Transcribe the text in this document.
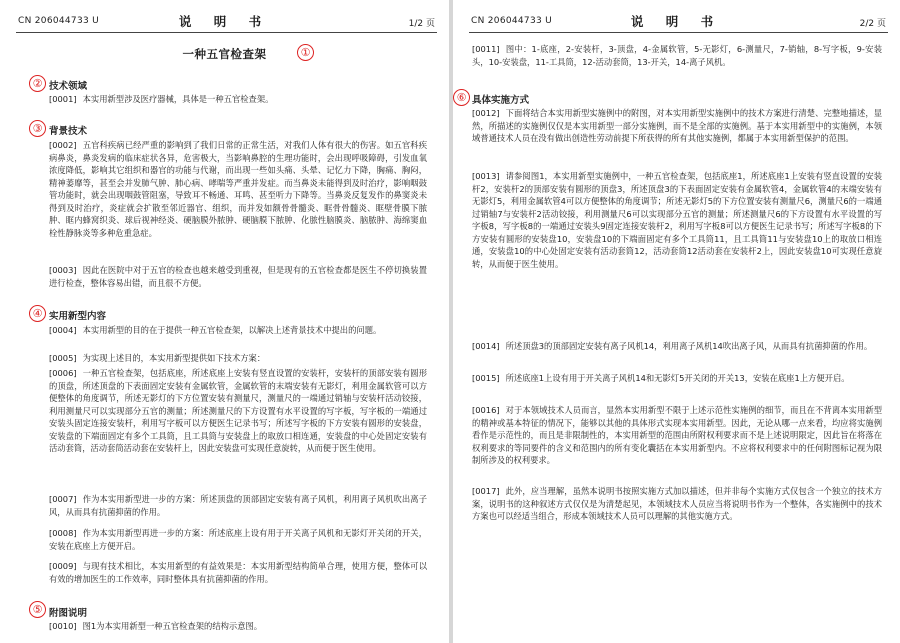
CN 206044733 U	说 明 书	1/2 页
一种五官检查架	①
② 技术领域
[0001] 本实用新型涉及医疗器械，具体是一种五官检查架。
③ 背景技术
[0002] 五官科疾病已经严重的影响到了我们日常的正常生活，对我们人体有很大的伤害。如五官科疾病鼻炎，鼻炎发病的临床症状各异，危害极大，当影响鼻腔的生理功能时，会出现呼吸障碍，引发血氧浓度降低，影响其它组织和器官的功能与代谢，而出现一些如头痛、头晕、记忆力下降，胸痛、胸闷，精神萎靡等，甚至会并发肺气肿、肺心病、哮喘等严重并发症。而当鼻炎未能得到及时治疗，影响咽鼓管功能时，就会出现咽鼓管阻塞，导致耳不畅通、耳鸣、甚至听力下降等。当鼻炎反复发作的鼻窦炎未得到及时治疗，炎症就会扩散至邻近器官、组织，而并发如额骨骨髓炎、眶骨骨髓炎、眶壁骨膜下脓肿、眶内蜂窝织炎、球后视神经炎、硬脑膜外脓肿、硬脑膜下脓肿、化脓性脑膜炎、脑脓肿、海绵窦血栓性静脉炎等多种危重急症。
[0003] 因此在医院中对于五官的检查也越来越受到重视，但是现有的五官检查都是医生不停切换装置进行检查，整体容易出错，而且很不方便。
④ 实用新型内容
[0004] 本实用新型的目的在于提供一种五官检查架，以解决上述背景技术中提出的问题。
[0005] 为实现上述目的，本实用新型提供如下技术方案：
[0006] 一种五官检查架，包括底座，所述底座上安装有竖直设置的安装杆，安装杆的顶部安装有圆形的顶盘，所述顶盘的下表面固定安装有金属软管，金属软管的末端安装有无影灯，利用金属软管可以方便整体的角度调节，所述无影灯的下方位置安装有测量尺，测量尺的一端通过销轴与安装杆活动铰接，利用测量尺可以实现部分五官的测量；所述测量尺的下方设置有水平设置的写字板，写字板的一端通过安装头固定连接安装杆，利用写字板可以方便医生记录书写；所述写字板的下方安装有圆形的安装盘，安装盘的下端面固定有多个工具筒，且工具筒与安装盘上的取放口相连通，安装盘的中心处固定安装有活动套筒，活动套筒活动套在安装杆上，因此安装盘可实现任意旋转，从而便于医生使用。
[0007] 作为本实用新型进一步的方案：所述顶盘的顶部固定安装有离子风机，利用离子风机吹出离子风，从而具有抗菌抑菌的作用。
[0008] 作为本实用新型再进一步的方案：所述底座上设有用于开关离子风机和无影灯开关闭的开关，安装在底座上方便开启。
[0009] 与现有技术相比，本实用新型的有益效果是：本实用新型结构简单合理，使用方便，整体可以有效的增加医生的工作效率，同时整体具有抗菌抑菌的作用。
⑤ 附图说明
[0010] 图1为本实用新型一种五官检查架的结构示意图。
CN 206044733 U	说 明 书	2/2 页
[0011] 图中：1-底座，2-安装杆，3-顶盘，4-金属软管，5-无影灯，6-测量尺，7-销轴，8-写字板，9-安装头，10-安装盘，11-工具筒，12-活动套筒，13-开关，14-离子风机。
⑥ 具体实施方式
[0012] 下面将结合本实用新型实施例中的附图，对本实用新型实施例中的技术方案进行清楚、完整地描述，显然，所描述的实施例仅仅是本实用新型一部分实施例，而不是全部的实施例。基于本实用新型中的实施例，本领域普通技术人员在没有做出创造性劳动前提下所获得的所有其他实施例，都属于本实用新型保护的范围。
[0013] 请参阅图1，本实用新型实施例中，一种五官检查架，包括底座1，所述底座1上安装有竖直设置的安装杆2，安装杆2的顶部安装有圆形的顶盘3，所述顶盘3的下表面固定安装有金属软管4，金属软管4的末端安装有无影灯5，利用金属软管4可以方便整体的角度调节；所述无影灯5的下方位置安装有测量尺6，测量尺6的一端通过销轴7与安装杆2活动铰接，利用测量尺6可以实现部分五官的测量；所述测量尺6的下方设置有水平设置的写字板8，写字板8的一端通过安装头9固定连接安装杆2，利用写字板8可以方便医生记录书写；所述写字板8的下方安装有圆形的安装盘10，安装盘10的下端面固定有多个工具筒11，且工具筒11与安装盘10上的取放口相连通，安装盘10的中心处固定安装有活动套筒12，活动套筒12活动套在安装杆2上，因此安装盘10可实现任意旋转，从而便于医生使用。
[0014] 所述顶盘3的顶部固定安装有离子风机14，利用离子风机14吹出离子风，从而具有抗菌抑菌的作用。
[0015] 所述底座1上设有用于开关离子风机14和无影灯5开关闭的开关13，安装在底座1上方便开启。
[0016] 对于本领域技术人员而言，显然本实用新型不限于上述示范性实施例的细节，而且在不背离本实用新型的精神或基本特征的情况下，能够以其他的具体形式实现本实用新型。因此，无论从哪一点来看，均应将实施例看作是示范性的，而且是非限制性的，本实用新型的范围由所附权利要求而不是上述说明限定，因此旨在将落在权利要求的等同要件的含义和范围内的所有变化囊括在本实用新型内。不应将权利要求中的任何附图标记视为限制所涉及的权利要求。
[0017] 此外，应当理解，虽然本说明书按照实施方式加以描述，但并非每个实施方式仅包含一个独立的技术方案，说明书的这种叙述方式仅仅是为清楚起见，本领域技术人员应当将说明书作为一个整体，各实施例中的技术方案也可以经适当组合，形成本领域技术人员可以理解的其他实施方式。
